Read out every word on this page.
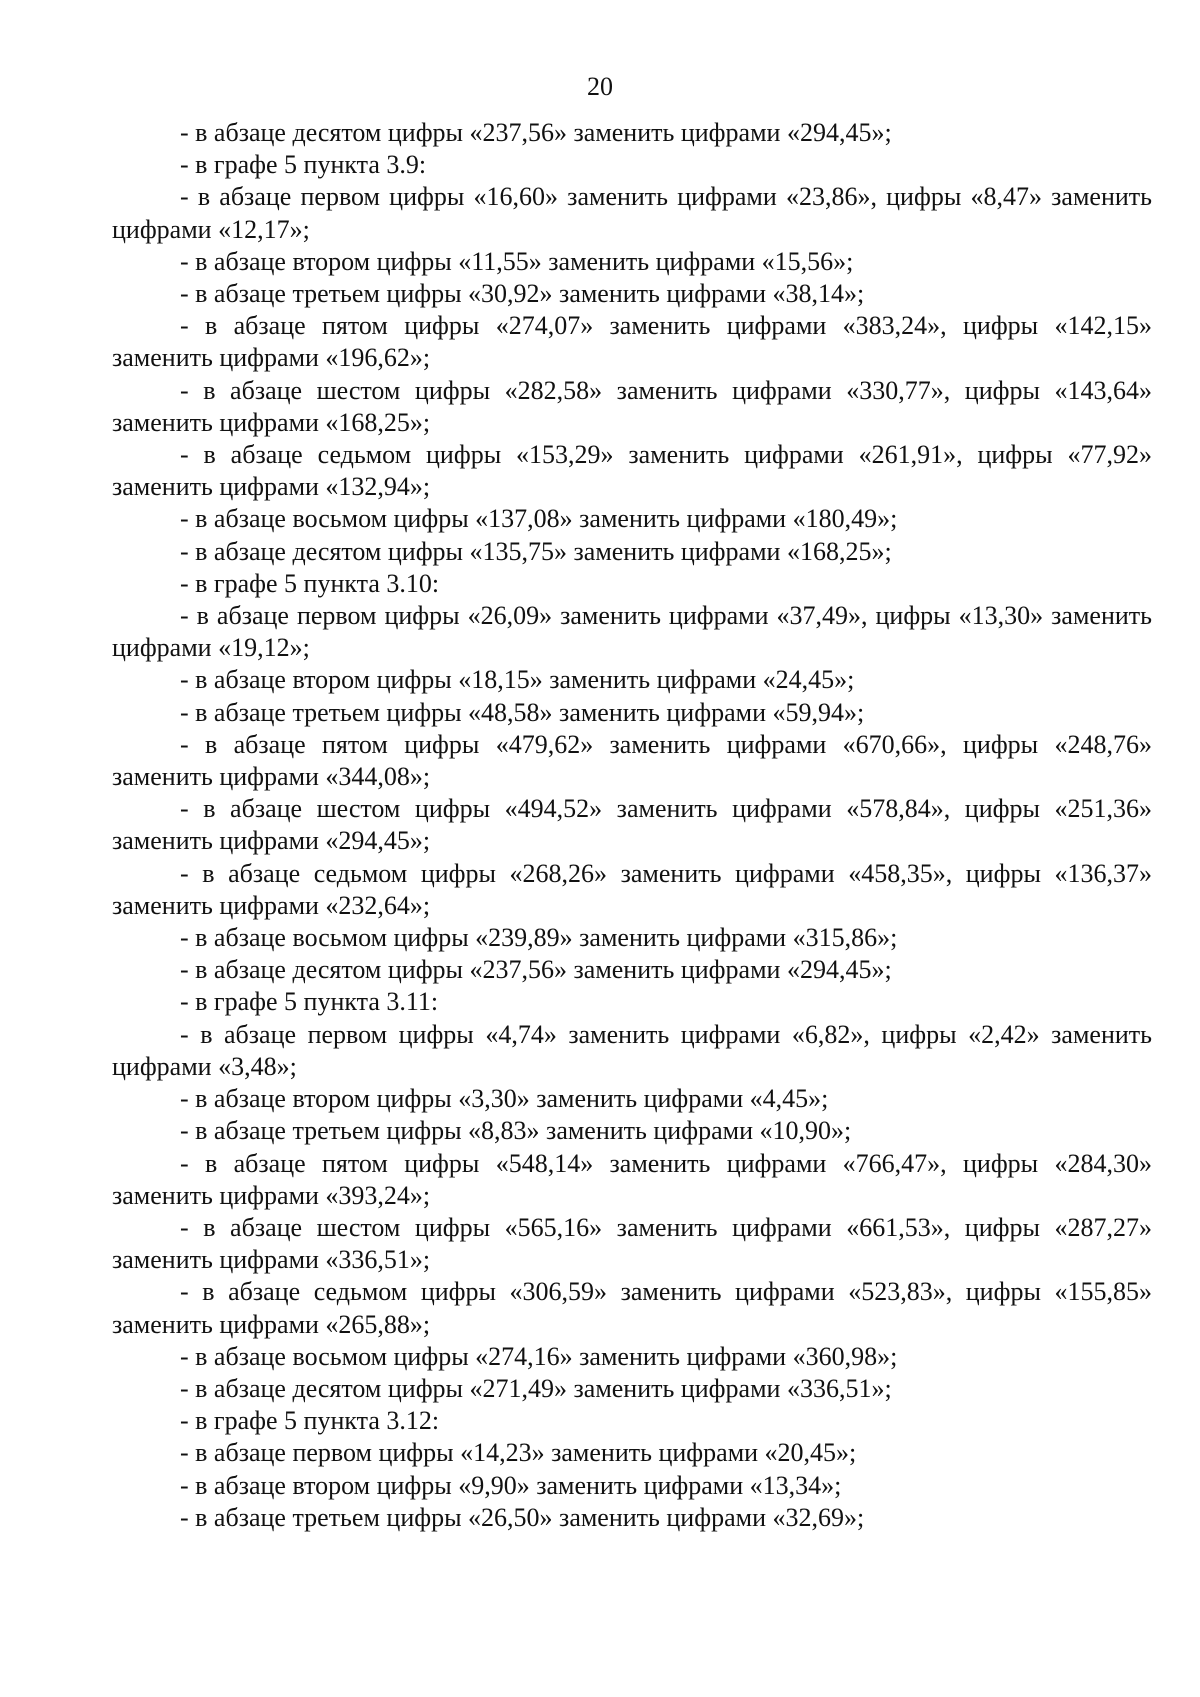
20

- в абзаце десятом цифры «237,56» заменить цифрами «294,45»;

- в графе 5 пункта 3.9:

- в абзаце первом цифры «16,60» заменить цифрами «23,86», цифры «8,47» заменить цифрами «12,17»;

- в абзаце втором цифры «11,55» заменить цифрами «15,56»;

- в абзаце третьем цифры «30,92» заменить цифрами «38,14»;

- в абзаце пятом цифры «274,07» заменить цифрами «383,24», цифры «142,15» заменить цифрами «196,62»;

- в абзаце шестом цифры «282,58» заменить цифрами «330,77», цифры «143,64» заменить цифрами «168,25»;

- в абзаце седьмом цифры «153,29» заменить цифрами «261,91», цифры «77,92» заменить цифрами «132,94»;

- в абзаце восьмом цифры «137,08» заменить цифрами «180,49»;

- в абзаце десятом цифры «135,75» заменить цифрами «168,25»;

- в графе 5 пункта 3.10:

- в абзаце первом цифры «26,09» заменить цифрами «37,49», цифры «13,30» заменить цифрами «19,12»;

- в абзаце втором цифры «18,15» заменить цифрами «24,45»;

- в абзаце третьем цифры «48,58» заменить цифрами «59,94»;

- в абзаце пятом цифры «479,62» заменить цифрами «670,66», цифры «248,76» заменить цифрами «344,08»;

- в абзаце шестом цифры «494,52» заменить цифрами «578,84», цифры «251,36» заменить цифрами «294,45»;

- в абзаце седьмом цифры «268,26» заменить цифрами «458,35», цифры «136,37» заменить цифрами «232,64»;

- в абзаце восьмом цифры «239,89» заменить цифрами «315,86»;

- в абзаце десятом цифры «237,56» заменить цифрами «294,45»;

- в графе 5 пункта 3.11:

- в абзаце первом цифры «4,74» заменить цифрами «6,82», цифры «2,42» заменить цифрами «3,48»;

- в абзаце втором цифры «3,30» заменить цифрами «4,45»;

- в абзаце третьем цифры «8,83» заменить цифрами «10,90»;

- в абзаце пятом цифры «548,14» заменить цифрами «766,47», цифры «284,30» заменить цифрами «393,24»;

- в абзаце шестом цифры «565,16» заменить цифрами «661,53», цифры «287,27» заменить цифрами «336,51»;

- в абзаце седьмом цифры «306,59» заменить цифрами «523,83», цифры «155,85» заменить цифрами «265,88»;

- в абзаце восьмом цифры «274,16» заменить цифрами «360,98»;

- в абзаце десятом цифры «271,49» заменить цифрами «336,51»;

- в графе 5 пункта 3.12:

- в абзаце первом цифры «14,23» заменить цифрами «20,45»;

- в абзаце втором цифры «9,90» заменить цифрами «13,34»;

- в абзаце третьем цифры «26,50» заменить цифрами «32,69»;
